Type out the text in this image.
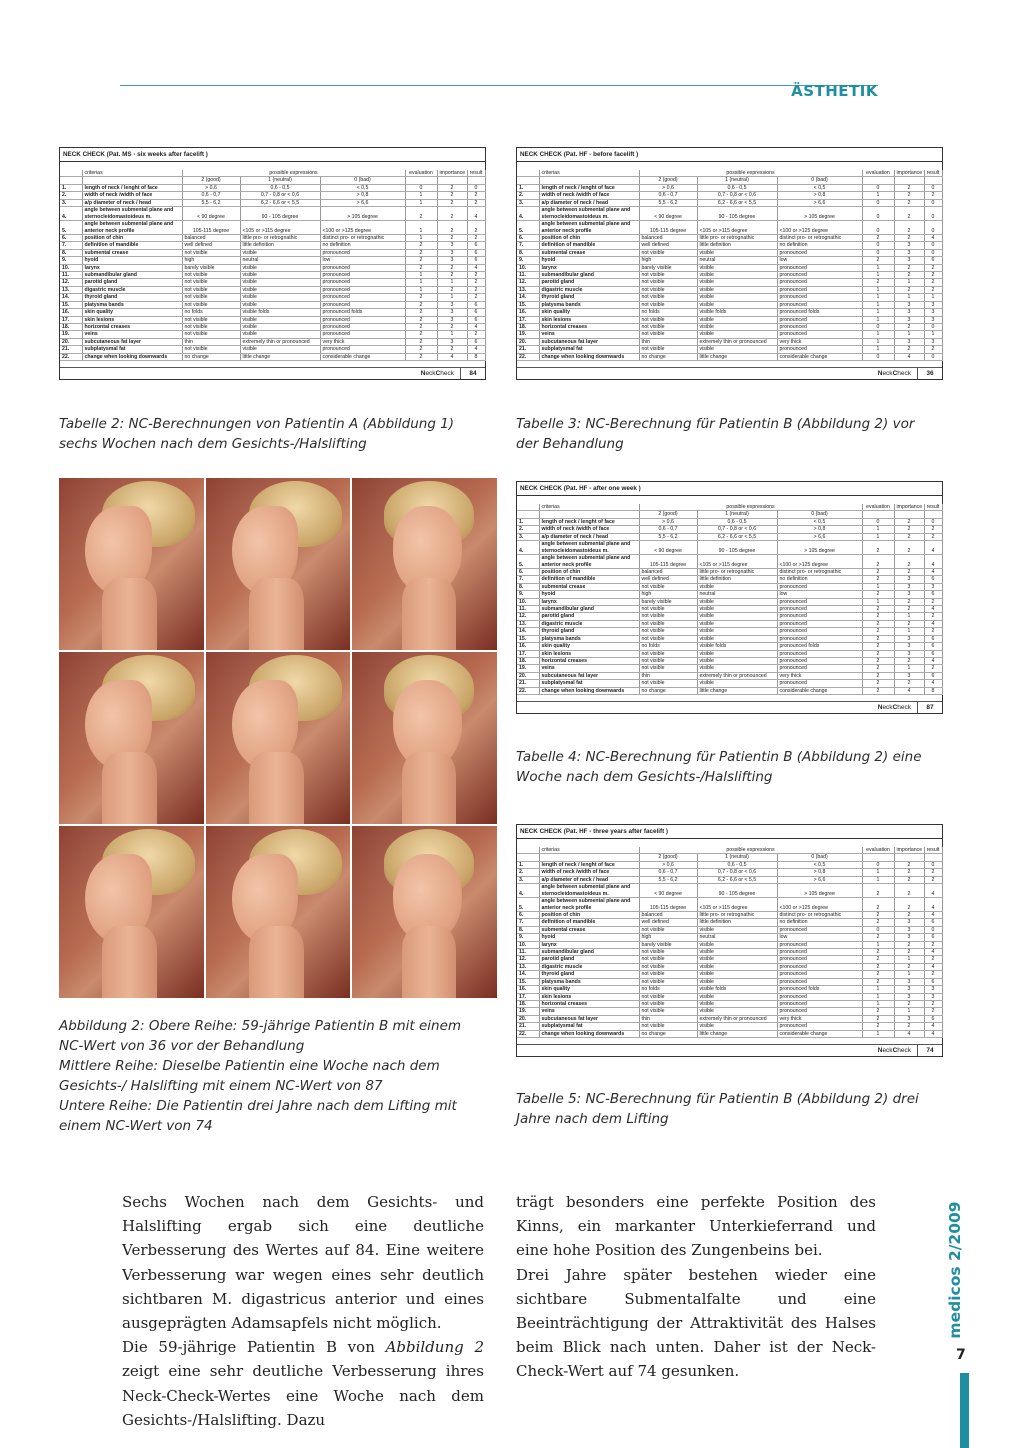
ÄSTHETIK
NECK CHECK (Pat. MS - six weeks after facelift )
	criterias	possible expressions			evaluation	importance	result
		2 (good)	1 (neutral)	0 (bad)			
1.	length of neck / lenght of face	> 0,6	0,6 - 0,5	< 0,5	0	2	0
2.	width of neck /width of face	0,6 - 0,7	0,7 - 0,8 or < 0,6	> 0,8	1	2	2
3.	a/p diameter of neck / head	5,5 - 6,2	6,2 - 6,6 or < 5,5	> 6,6	1	2	2
4.	angle between submental plane and
sternocleidomastoideus m.	< 90 degree	90 - 105 degree	> 105 degree	2	2	4
5.	angle between submental plane and
anterior neck profile	105-115 degree	<105 or >115 degree	<100 or >125 degree	1	2	2
6.	position of chin	balanced	little pro- or retrognathic	distinct pro- or retrognathic	1	2	2
7.	definition of mandible	well defined	little definition	no definition	2	3	6
8.	submental crease	not visible	visible	pronounced	2	3	6
9.	hyoid	high	neutral	low	2	3	6
10.	larynx	barely visible	visible	pronounced	2	2	4
11.	submandibular gland	not visible	visible	pronounced	1	2	2
12.	parotid gland	not visible	visible	pronounced	1	1	2
13.	digastric muscle	not visible	visible	pronounced	1	2	2
14.	thyroid gland	not visible	visible	pronounced	2	1	2
15.	platysma bands	not visible	visible	pronounced	2	3	6
16.	skin quality	no folds	visible folds	pronounced folds	2	3	6
17.	skin lesions	not visible	visible	pronounced	2	3	6
18.	horizontal creases	not visible	visible	pronounced	2	2	4
19.	veins	not visible	visible	pronounced	2	1	2
20.	subcutaneous fat layer	thin	extremely thin or pronounced	very thick	2	3	6
21.	subplatysmal fat	not visible	visible	pronounced	2	2	4
22.	change when looking downwards	no change	little change	considerable change	2	4	8
NeckCheck	84
NECK CHECK (Pat. HF - before facelift )
	criterias	possible expressions			evaluation	importance	result
		2 (good)	1 (neutral)	0 (bad)			
1.	length of neck / lenght of face	> 0,6	0,6 - 0,5	< 0,5	0	2	0
2.	width of neck /width of face	0,6 - 0,7	0,7 - 0,8 or < 0,6	> 0,8	1	2	2
3.	a/p diameter of neck / head	5,5 - 6,2	6,2 - 6,6 or < 5,5	> 6,6	0	2	0
4.	angle between submental plane and
sternocleidomastoideus m.	< 90 degree	90 - 105 degree	> 105 degree	0	2	0
5.	angle between submental plane and
anterior neck profile	105-115 degree	<105 or >115 degree	<100 or >125 degree	0	2	0
6.	position of chin	balanced	little pro- or retrognathic	distinct pro- or retrognathic	2	2	4
7.	definition of mandible	well defined	little definition	no definition	0	3	0
8.	submental crease	not visible	visible	pronounced	0	3	0
9.	hyoid	high	neutral	low	2	3	6
10.	larynx	barely visible	visible	pronounced	1	2	2
11.	submandibular gland	not visible	visible	pronounced	1	2	2
12.	parotid gland	not visible	visible	pronounced	2	1	2
13.	digastric muscle	not visible	visible	pronounced	1	2	2
14.	thyroid gland	not visible	visible	pronounced	1	1	1
15.	platysma bands	not visible	visible	pronounced	1	3	3
16.	skin quality	no folds	visible folds	pronounced folds	1	3	3
17.	skin lesions	not visible	visible	pronounced	1	3	3
18.	horizontal creases	not visible	visible	pronounced	0	2	0
19.	veins	not visible	visible	pronounced	1	1	1
20.	subcutaneous fat layer	thin	extremely thin or pronounced	very thick	1	3	3
21.	subplatysmal fat	not visible	visible	pronounced	1	2	2
22.	change when looking downwards	no change	little change	considerable change	0	4	0
NeckCheck	36
NECK CHECK (Pat. HF - after one week )
	criterias	possible expressions			evaluation	importance	result
		2 (good)	1 (neutral)	0 (bad)			
1.	length of neck / lenght of face	> 0,6	0,6 - 0,5	< 0,5	0	2	0
2.	width of neck /width of face	0,6 - 0,7	0,7 - 0,8 or < 0,6	> 0,8	1	2	2
3.	a/p diameter of neck / head	5,5 - 6,2	6,2 - 6,6 or < 5,5	> 6,6	1	2	2
4.	angle between submental plane and
sternocleidomastoideus m.	< 90 degree	90 - 105 degree	> 105 degree	2	2	4
5.	angle between submental plane and
anterior neck profile	105-115 degree	<105 or >115 degree	<100 or >125 degree	2	2	4
6.	position of chin	balanced	little pro- or retrognathic	distinct pro- or retrognathic	2	2	4
7.	definition of mandible	well defined	little definition	no definition	2	3	6
8.	submental crease	not visible	visible	pronounced	1	3	3
9.	hyoid	high	neutral	low	2	3	6
10.	larynx	barely visible	visible	pronounced	1	2	2
11.	submandibular gland	not visible	visible	pronounced	2	2	4
12.	parotid gland	not visible	visible	pronounced	2	1	2
13.	digastric muscle	not visible	visible	pronounced	2	2	4
14.	thyroid gland	not visible	visible	pronounced	2	1	2
15.	platysma bands	not visible	visible	pronounced	2	3	6
16.	skin quality	no folds	visible folds	pronounced folds	2	3	6
17.	skin lesions	not visible	visible	pronounced	2	3	6
18.	horizontal creases	not visible	visible	pronounced	2	2	4
19.	veins	not visible	visible	pronounced	2	1	2
20.	subcutaneous fat layer	thin	extremely thin or pronounced	very thick	2	3	6
21.	subplatysmal fat	not visible	visible	pronounced	2	2	4
22.	change when looking downwards	no change	little change	considerable change	2	4	8
NeckCheck	87
NECK CHECK (Pat. HF - three years after facelift )
	criterias	possible expressions			evaluation	importance	result
		2 (good)	1 (neutral)	0 (bad)			
1.	length of neck / lenght of face	> 0,6	0,6 - 0,5	< 0,5	0	2	0
2.	width of neck /width of face	0,6 - 0,7	0,7 - 0,8 or < 0,6	> 0,8	1	2	2
3.	a/p diameter of neck / head	5,5 - 6,2	6,2 - 6,6 or < 5,5	> 6,6	1	2	2
4.	angle between submental plane and
sternocleidomastoideus m.	< 90 degree	90 - 105 degree	> 105 degree	2	2	4
5.	angle between submental plane and
anterior neck profile	105-115 degree	<105 or >115 degree	<100 or >125 degree	2	2	4
6.	position of chin	balanced	little pro- or retrognathic	distinct pro- or retrognathic	2	2	4
7.	definition of mandible	well defined	little definition	no definition	2	3	6
8.	submental crease	not visible	visible	pronounced	0	3	0
9.	hyoid	high	neutral	low	2	3	6
10.	larynx	barely visible	visible	pronounced	1	2	2
11.	submandibular gland	not visible	visible	pronounced	2	2	4
12.	parotid gland	not visible	visible	pronounced	2	1	2
13.	digastric muscle	not visible	visible	pronounced	2	2	4
14.	thyroid gland	not visible	visible	pronounced	2	1	2
15.	platysma bands	not visible	visible	pronounced	2	3	6
16.	skin quality	no folds	visible folds	pronounced folds	1	3	3
17.	skin lesions	not visible	visible	pronounced	1	3	3
18.	horizontal creases	not visible	visible	pronounced	1	2	2
19.	veins	not visible	visible	pronounced	2	1	2
20.	subcutaneous fat layer	thin	extremely thin or pronounced	very thick	2	3	6
21.	subplatysmal fat	not visible	visible	pronounced	2	2	4
22.	change when looking downwards	no change	little change	considerable change	1	4	4
NeckCheck	74
Tabelle 2: NC-Berechnungen von Patientin A (Abbildung 1) sechs Wochen nach dem Gesichts-/Halslifting
Tabelle 3: NC-Berechnung für Patientin B (Abbildung 2) vor der Behandlung
Tabelle 4: NC-Berechnung für Patientin B (Abbildung 2) eine Woche nach dem Gesichts-/Halslifting
Tabelle 5: NC-Berechnung für Patientin B (Abbildung 2) drei Jahre nach dem Lifting
Abbildung 2: Obere Reihe: 59-jährige Patientin B mit einem NC-Wert von 36 vor der Behandlung
Mittlere Reihe: Dieselbe Patientin eine Woche nach dem Gesichts-/ Halslifting mit einem NC-Wert von 87
Untere Reihe: Die Patientin drei Jahre nach dem Lifting mit einem NC-Wert von 74

Sechs Wochen nach dem Gesichts- und Halslifting ergab sich eine deutliche Verbesserung des Wertes auf 84. Eine weitere Verbesserung war wegen eines sehr deutlich sichtbaren M. digastricus anterior und eines ausgeprägten Adamsapfels nicht möglich.

Die 59-jährige Patientin B von Abbildung 2 zeigt eine sehr deutliche Verbesserung ihres Neck-Check-Wertes eine Woche nach dem Gesichts-/Halslifting. Dazu

trägt besonders eine perfekte Position des Kinns, ein markanter Unterkieferrand und eine hohe Position des Zungenbeins bei.

Drei Jahre später bestehen wieder eine sichtbare Submentalfalte und eine Beeinträchtigung der Attraktivität des Halses beim Blick nach unten. Daher ist der Neck-Check-Wert auf 74 gesunken.

medicos 2/2009
7
